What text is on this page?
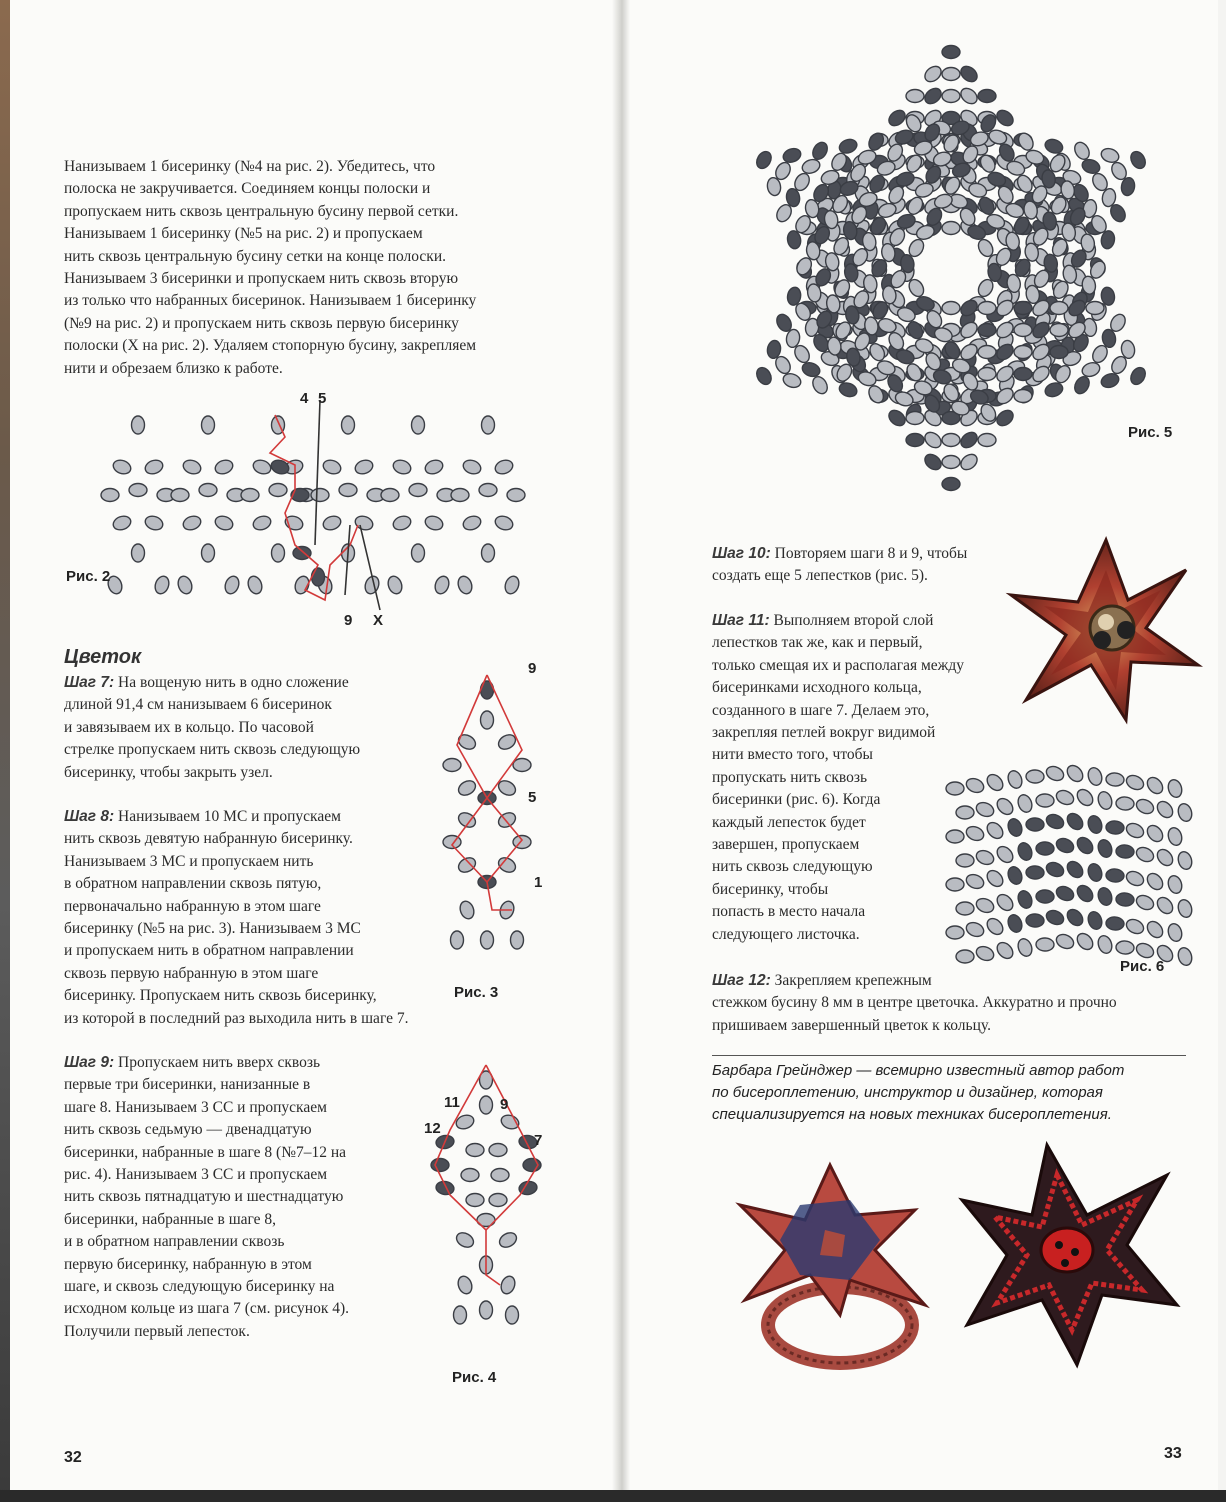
Нанизываем 1 бисеринку (№4 на рис. 2). Убедитесь, что
полоска не закручивается. Соединяем концы полоски и
пропускаем нить сквозь центральную бусину первой сетки.
Нанизываем 1 бисеринку (№5 на рис. 2) и пропускаем
нить сквозь центральную бусину сетки на конце полоски.
Нанизываем 3 бисеринки и пропускаем нить сквозь вторую
из только что набранных бисеринок. Нанизываем 1 бисеринку
(№9 на рис. 2) и пропускаем нить сквозь первую бисеринку
полоски (Х на рис. 2). Удаляем стопорную бусину, закрепляем
нити и обрезаем близко к работе.
Рис. 2
4 5
9 X
Цветок
Шаг 7: На вощеную нить в одно сложение
длиной 91,4 см нанизываем 6 бисеринок
и завязываем их в кольцо. По часовой
стрелке пропускаем нить сквозь следующую
бисеринку, чтобы закрыть узел.
Шаг 8: Нанизываем 10 МС и пропускаем
нить сквозь девятую набранную бисеринку.
Нанизываем 3 МС и пропускаем нить
в обратном направлении сквозь пятую,
первоначально набранную в этом шаге
бисеринку (№5 на рис. 3). Нанизываем 3 МС
и пропускаем нить в обратном направлении
сквозь первую набранную в этом шаге
бисеринку. Пропускаем нить сквозь бисеринку,
из которой в последний раз выходила нить в шаге 7.
Рис. 3
9
5
1
Шаг 9: Пропускаем нить вверх сквозь
первые три бисеринки, нанизанные в
шаге 8. Нанизываем 3 СС и пропускаем
нить сквозь седьмую — двенадцатую
бисеринки, набранные в шаге 8 (№7–12 на
рис. 4). Нанизываем 3 СС и пропускаем
нить сквозь пятнадцатую и шестнадцатую
бисеринки, набранные в шаге 8,
и в обратном направлении сквозь
первую бисеринку, набранную в этом
шаге, и сквозь следующую бисеринку на
исходном кольце из шага 7 (см. рисунок 4).
Получили первый лепесток.
Рис. 4
11	9
12
7
32
Рис. 5
Шаг 10: Повторяем шаги 8 и 9, чтобы
создать еще 5 лепестков (рис. 5).
Шаг 11: Выполняем второй слой
лепестков так же, как и первый,
только смещая их и располагая между
бисеринками исходного кольца,
созданного в шаге 7. Делаем это,
закрепляя петлей вокруг видимой
нити вместо того, чтобы
пропускать нить сквозь
бисеринки (рис. 6). Когда
каждый лепесток будет
завершен, пропускаем
нить сквозь следующую
бисеринку, чтобы
попасть в место начала
следующего листочка.
Рис. 6
Шаг 12: Закрепляем крепежным
стежком бусину 8 мм в центре цветочка. Аккуратно и прочно
пришиваем завершенный цветок к кольцу.
Барбара Грейнджер — всемирно известный автор работ
по бисероплетению, инструктор и дизайнер, которая
специализируется на новых техниках бисероплетения.
33
